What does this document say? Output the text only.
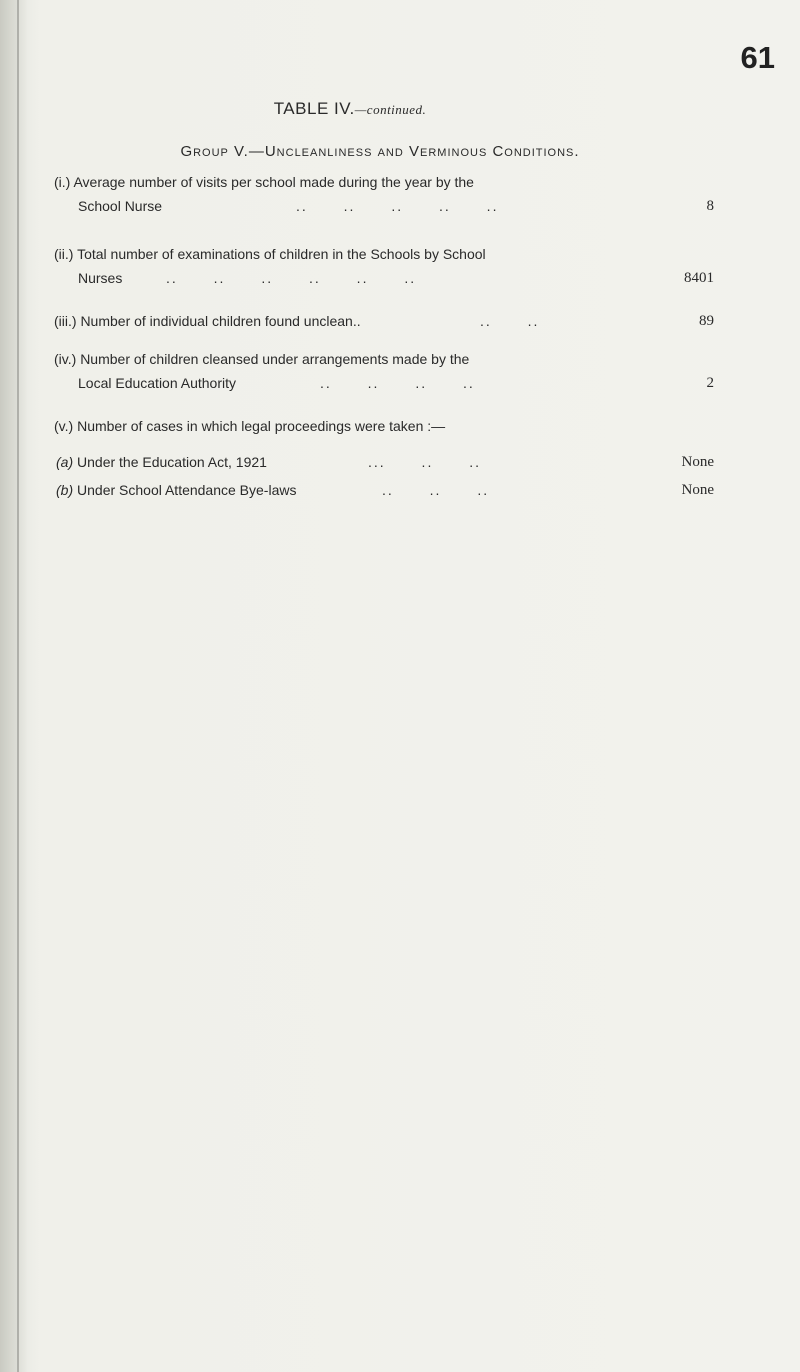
61
TABLE IV.—continued.
Group V.—Uncleanliness and Verminous Conditions.
(i.) Average number of visits per school made during the year by the
School Nurse	.. .. .. .. ..	8
(ii.) Total number of examinations of children in the Schools by School
Nurses	.. .. .. .. .. ..	8401
(iii.) Number of individual children found unclean..	.. ..	89
(iv.) Number of children cleansed under arrangements made by the
Local Education Authority	.. .. .. ..	2
(v.) Number of cases in which legal proceedings were taken :—
(a) Under the Education Act, 1921	... .. ..	None
(b) Under School Attendance Bye-laws	.. .. ..	None
